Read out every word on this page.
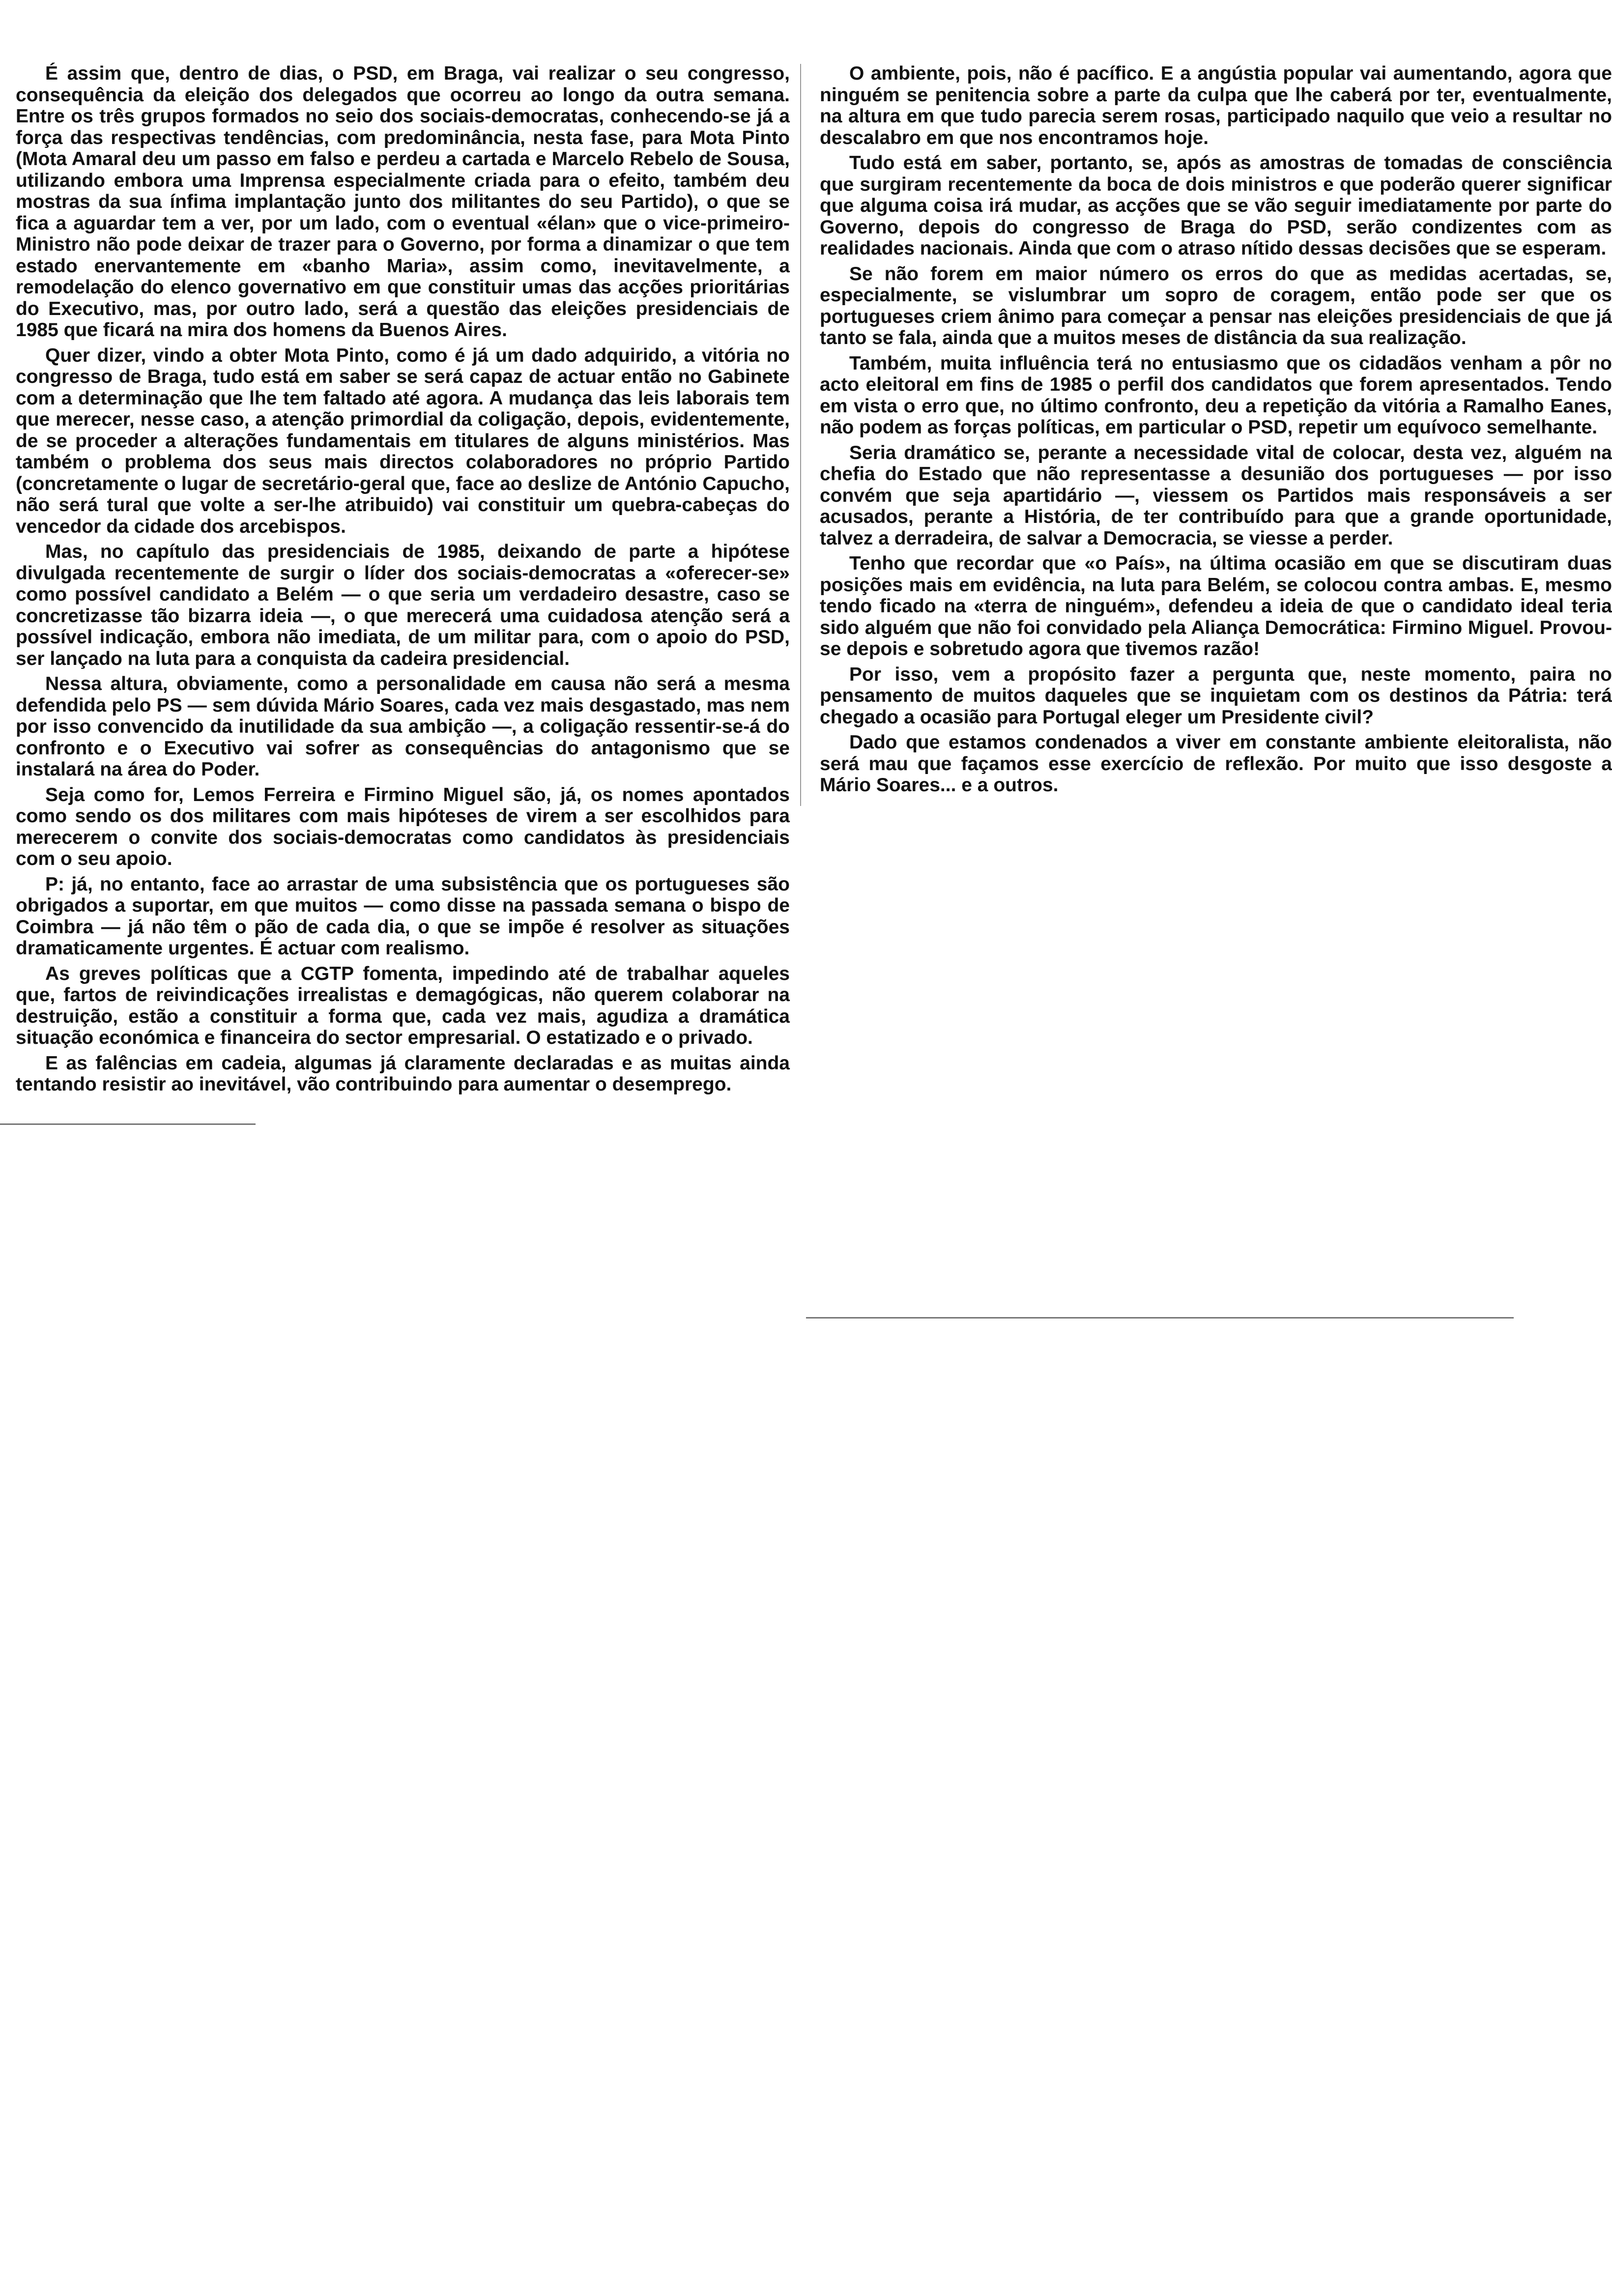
É assim que, dentro de dias, o PSD, em Braga, vai realizar o seu congresso, consequência da eleição dos delegados que ocorreu ao longo da outra semana. Entre os três grupos formados no seio dos sociais-democratas, conhecendo-se já a força das respectivas tendências, com predominância, nesta fase, para Mota Pinto (Mota Amaral deu um passo em falso e perdeu a cartada e Marcelo Rebelo de Sousa, utilizando embora uma Imprensa especialmente criada para o efeito, também deu mostras da sua ínfima implantação junto dos militantes do seu Partido), o que se fica a aguardar tem a ver, por um lado, com o eventual «élan» que o vice-primeiro-Ministro não pode deixar de trazer para o Governo, por forma a dinamizar o que tem estado enervantemente em «banho Maria», assim como, inevitavelmente, a remodelação do elenco governativo em que constituir umas das acções prioritárias do Executivo, mas, por outro lado, será a questão das eleições presidenciais de 1985 que ficará na mira dos homens da Buenos Aires.

Quer dizer, vindo a obter Mota Pinto, como é já um dado adquirido, a vitória no congresso de Braga, tudo está em saber se será capaz de actuar então no Gabinete com a determinação que lhe tem faltado até agora. A mudança das leis laborais tem que merecer, nesse caso, a atenção primordial da coligação, depois, evidentemente, de se proceder a alterações fundamentais em titulares de alguns ministérios. Mas também o problema dos seus mais directos colaboradores no próprio Partido (concretamente o lugar de secretário-geral que, face ao deslize de António Capucho, não será tural que volte a ser-lhe atribuido) vai constituir um quebra-cabeças do vencedor da cidade dos arcebispos.

Mas, no capítulo das presidenciais de 1985, deixando de parte a hipótese divulgada recentemente de surgir o líder dos sociais-democratas a «oferecer-se» como possível candidato a Belém — o que seria um verdadeiro desastre, caso se concretizasse tão bizarra ideia —, o que merecerá uma cuidadosa atenção será a possível indicação, embora não imediata, de um militar para, com o apoio do PSD, ser lançado na luta para a conquista da cadeira presidencial.

Nessa altura, obviamente, como a personalidade em causa não será a mesma defendida pelo PS — sem dúvida Mário Soares, cada vez mais desgastado, mas nem por isso convencido da inutilidade da sua ambição —, a coligação ressentir-se-á do confronto e o Executivo vai sofrer as consequências do antagonismo que se instalará na área do Poder.

Seja como for, Lemos Ferreira e Firmino Miguel são, já, os nomes apontados como sendo os dos militares com mais hipóteses de virem a ser escolhidos para merecerem o convite dos sociais-democratas como candidatos às presidenciais com o seu apoio.

P: já, no entanto, face ao arrastar de uma subsistência que os portugueses são obrigados a suportar, em que muitos — como disse na passada semana o bispo de Coimbra — já não têm o pão de cada dia, o que se impõe é resolver as situações dramaticamente urgentes. É actuar com realismo.

As greves políticas que a CGTP fomenta, impedindo até de trabalhar aqueles que, fartos de reivindicações irrealistas e demagógicas, não querem colaborar na destruição, estão a constituir a forma que, cada vez mais, agudiza a dramática situação económica e financeira do sector empresarial. O estatizado e o privado.

E as falências em cadeia, algumas já claramente declaradas e as muitas ainda tentando resistir ao inevitável, vão contribuindo para aumentar o desemprego.

O ambiente, pois, não é pacífico. E a angústia popular vai aumentando, agora que ninguém se penitencia sobre a parte da culpa que lhe caberá por ter, eventualmente, na altura em que tudo parecia serem rosas, participado naquilo que veio a resultar no descalabro em que nos encontramos hoje.

Tudo está em saber, portanto, se, após as amostras de tomadas de consciência que surgiram recentemente da boca de dois ministros e que poderão querer significar que alguma coisa irá mudar, as acções que se vão seguir imediatamente por parte do Governo, depois do congresso de Braga do PSD, serão condizentes com as realidades nacionais. Ainda que com o atraso nítido dessas decisões que se esperam.

Se não forem em maior número os erros do que as medidas acertadas, se, especialmente, se vislumbrar um sopro de coragem, então pode ser que os portugueses criem ânimo para começar a pensar nas eleições presidenciais de que já tanto se fala, ainda que a muitos meses de distância da sua realização.

Também, muita influência terá no entusiasmo que os cidadãos venham a pôr no acto eleitoral em fins de 1985 o perfil dos candidatos que forem apresentados. Tendo em vista o erro que, no último confronto, deu a repetição da vitória a Ramalho Eanes, não podem as forças políticas, em particular o PSD, repetir um equívoco semelhante.

Seria dramático se, perante a necessidade vital de colocar, desta vez, alguém na chefia do Estado que não representasse a desunião dos portugueses — por isso convém que seja apartidário —, viessem os Partidos mais responsáveis a ser acusados, perante a História, de ter contribuído para que a grande oportunidade, talvez a derradeira, de salvar a Democracia, se viesse a perder.

Tenho que recordar que «o País», na última ocasião em que se discutiram duas posições mais em evidência, na luta para Belém, se colocou contra ambas. E, mesmo tendo ficado na «terra de ninguém», defendeu a ideia de que o candidato ideal teria sido alguém que não foi convidado pela Aliança Democrática: Firmino Miguel. Provou-se depois e sobretudo agora que tivemos razão!

Por isso, vem a propósito fazer a pergunta que, neste momento, paira no pensamento de muitos daqueles que se inquietam com os destinos da Pátria: terá chegado a ocasião para Portugal eleger um Presidente civil?

Dado que estamos condenados a viver em constante ambiente eleitoralista, não será mau que façamos esse exercício de reflexão. Por muito que isso desgoste a Mário Soares... e a outros.
